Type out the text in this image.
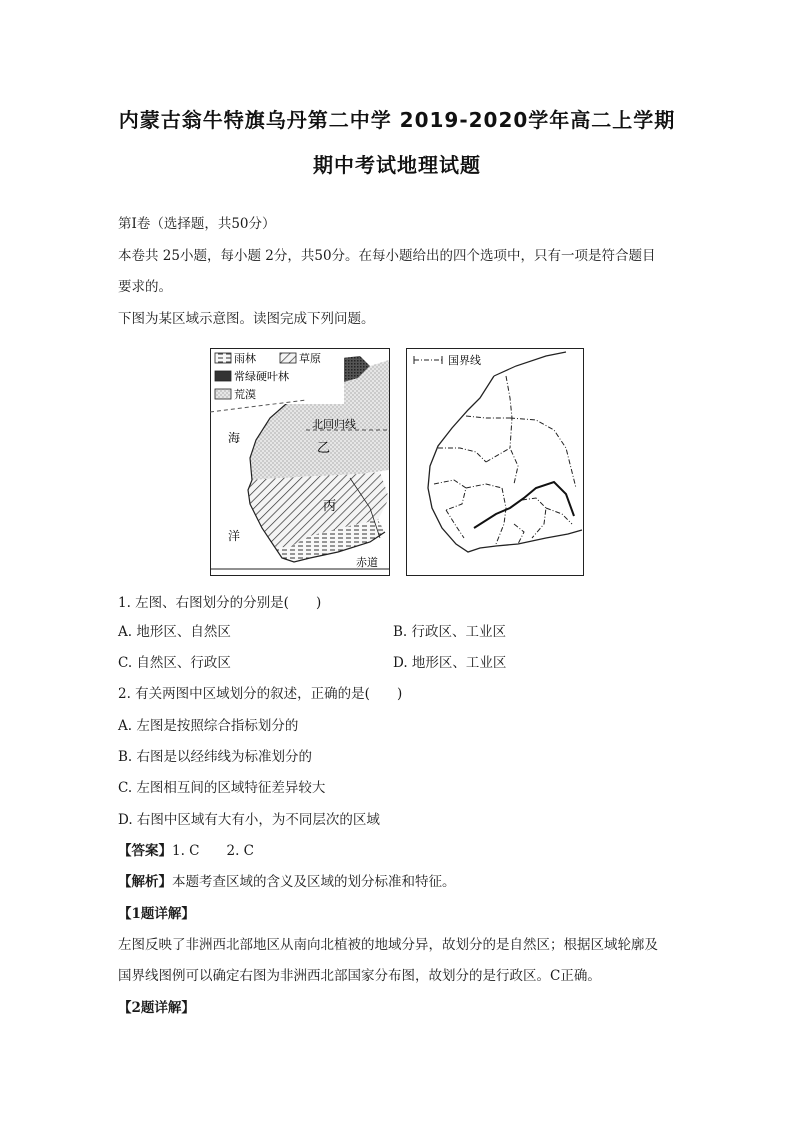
内蒙古翁牛特旗乌丹第二中学 2019-2020学年高二上学期
期中考试地理试题
第Ⅰ卷（选择题，共50分）
本卷共 25小题，每小题 2分，共50分。在每小题给出的四个选项中，只有一项是符合题目
要求的。
下图为某区域示意图。读图完成下列问题。
雨林	草原
常绿硬叶林
荒漠
北回归线
海
洋
乙
丙
赤道
国界线
1. 左图、右图划分的分别是(　　)
A. 地形区、自然区	B. 行政区、工业区
C. 自然区、行政区	D. 地形区、工业区
2. 有关两图中区域划分的叙述，正确的是(　　)
A. 左图是按照综合指标划分的
B. 右图是以经纬线为标准划分的
C. 左图相互间的区域特征差异较大
D. 右图中区域有大有小，为不同层次的区域
【答案】1. C　　2. C
【解析】本题考查区域的含义及区域的划分标准和特征。
【1题详解】
左图反映了非洲西北部地区从南向北植被的地域分异，故划分的是自然区；根据区域轮廓及
国界线图例可以确定右图为非洲西北部国家分布图，故划分的是行政区。C正确。
【2题详解】
